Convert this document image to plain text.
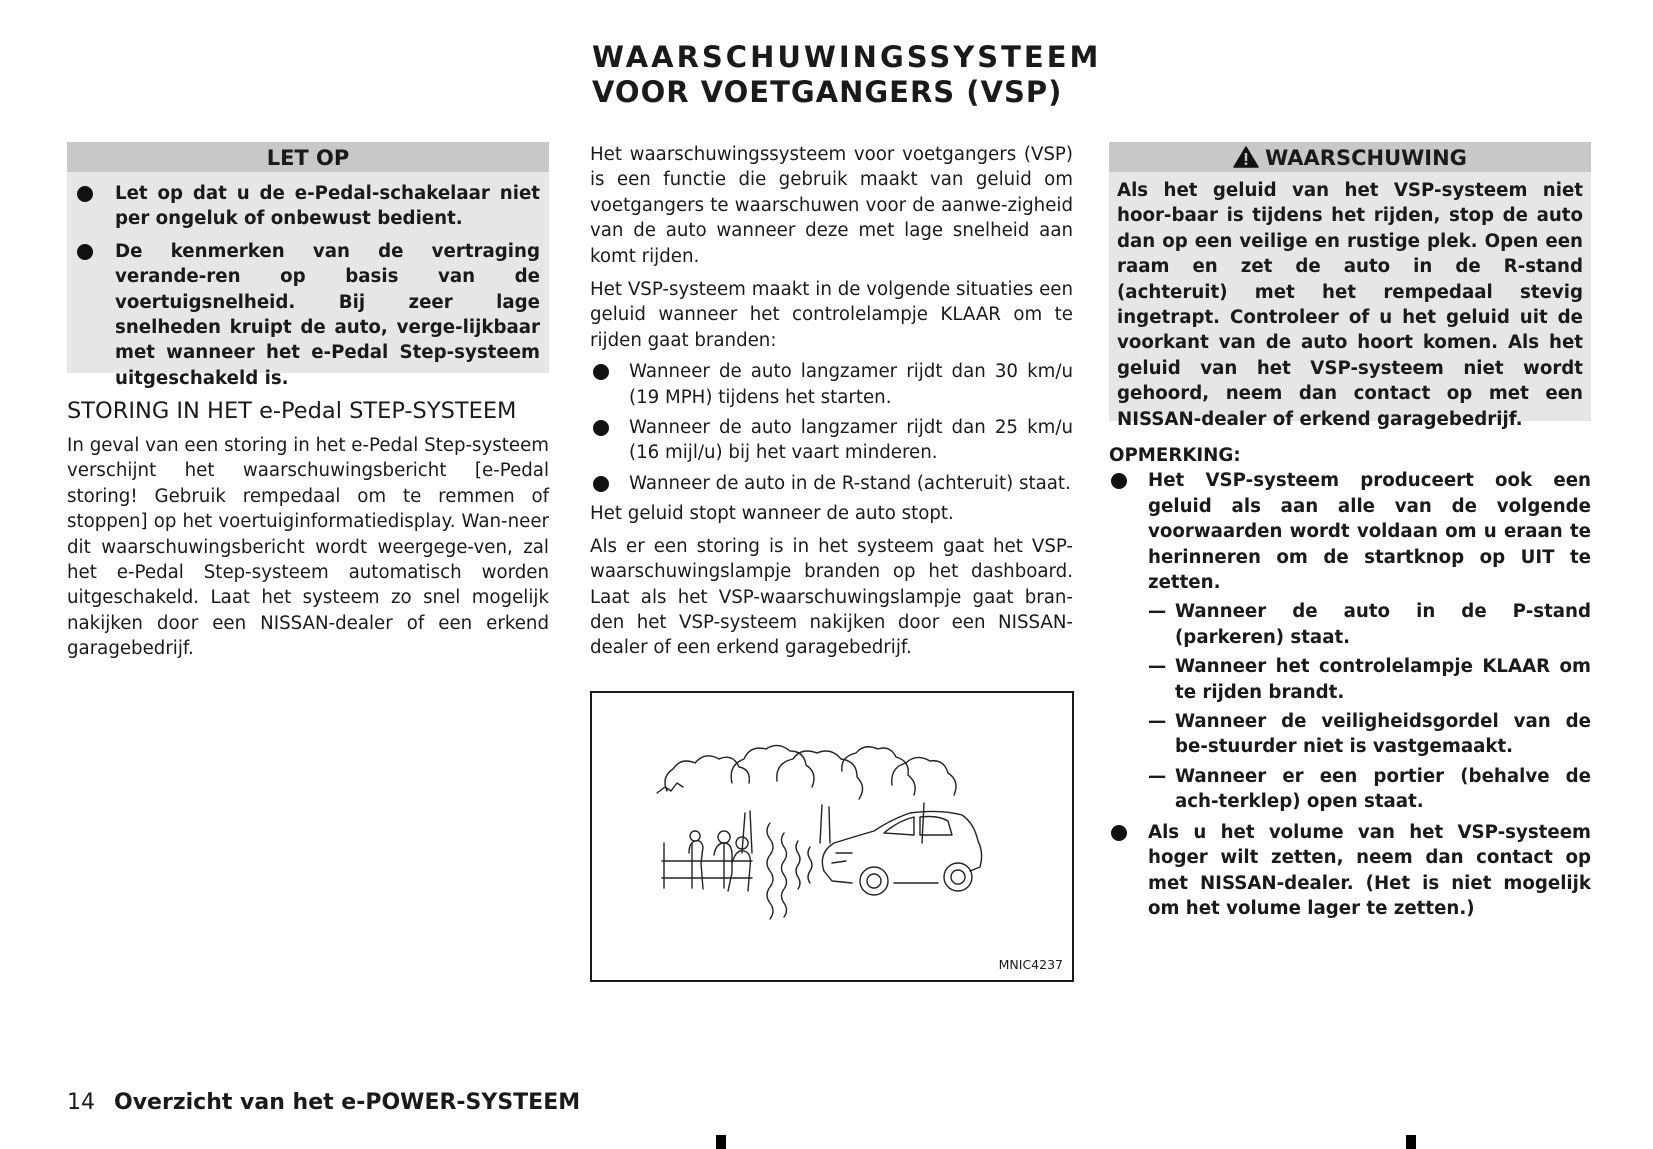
WAARSCHUWINGSSYSTEEM
VOOR VOETGANGERS (VSP)
LET OP
Let op dat u de e-Pedal-schakelaar niet per ongeluk of onbewust bedient.
De kenmerken van de vertraging verande-ren op basis van de voertuigsnelheid. Bij zeer lage snelheden kruipt de auto, verge-lijkbaar met wanneer het e-Pedal Step-systeem uitgeschakeld is.
STORING IN HET e-Pedal STEP-SYSTEEM

In geval van een storing in het e-Pedal Step-systeem verschijnt het waarschuwingsbericht [e-Pedal storing! Gebruik rempedaal om te remmen of stoppen] op het voertuiginformatiedisplay. Wan-neer dit waarschuwingsbericht wordt weergege-ven, zal het e-Pedal Step-systeem automatisch worden uitgeschakeld. Laat het systeem zo snel mogelijk nakijken door een NISSAN-dealer of een erkend garagebedrijf.

Het waarschuwingssysteem voor voetgangers (VSP) is een functie die gebruik maakt van geluid om voetgangers te waarschuwen voor de aanwe-zigheid van de auto wanneer deze met lage snelheid aan komt rijden.

Het VSP-systeem maakt in de volgende situaties een geluid wanneer het controlelampje KLAAR om te rijden gaat branden:

Wanneer de auto langzamer rijdt dan 30 km/u (19 MPH) tijdens het starten.
Wanneer de auto langzamer rijdt dan 25 km/u (16 mijl/u) bij het vaart minderen.
Wanneer de auto in de R-stand (achteruit) staat.

Het geluid stopt wanneer de auto stopt.

Als er een storing is in het systeem gaat het VSP-waarschuwingslampje branden op het dashboard. Laat als het VSP-waarschuwingslampje gaat bran-den het VSP-systeem nakijken door een NISSAN-dealer of een erkend garagebedrijf.

MNIC4237
WAARSCHUWING

Als het geluid van het VSP-systeem niet hoor-baar is tijdens het rijden, stop de auto dan op een veilige en rustige plek. Open een raam en zet de auto in de R-stand (achteruit) met het rempedaal stevig ingetrapt. Controleer of u het geluid uit de voorkant van de auto hoort komen. Als het geluid van het VSP-systeem niet wordt gehoord, neem dan contact op met een NISSAN-dealer of erkend garagebedrijf.

OPMERKING:

Het VSP-systeem produceert ook een geluid als aan alle van de volgende voorwaarden wordt voldaan om u eraan te herinneren om de startknop op UIT te zetten.
— Wanneer de auto in de P-stand (parkeren) staat.
— Wanneer het controlelampje KLAAR om te rijden brandt.
— Wanneer de veiligheidsgordel van de be-stuurder niet is vastgemaakt.
— Wanneer er een portier (behalve de ach-terklep) open staat.
Als u het volume van het VSP-systeem hoger wilt zetten, neem dan contact op met NISSAN-dealer. (Het is niet mogelijk om het volume lager te zetten.)
14 Overzicht van het e-POWER-SYSTEEM
